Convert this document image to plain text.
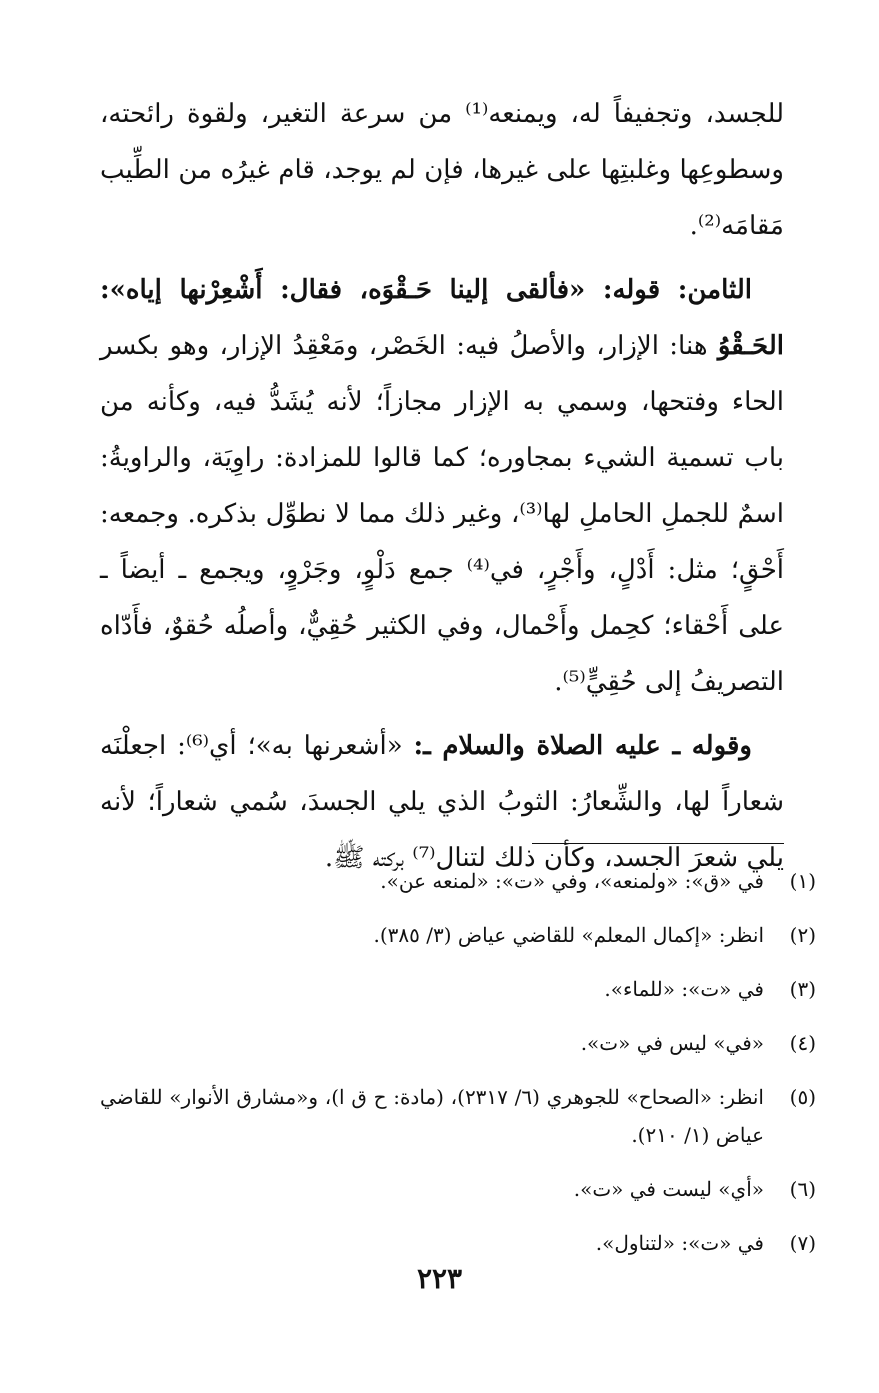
للجسد، وتجفيفاً له، ويمنعه⁽¹⁾ من سرعة التغير، ولقوة رائحته، وسطوعِها وغلبتِها على غيرها، فإن لم يوجد، قام غيرُه من الطِّيب مَقامَه⁽²⁾.

الثامن: قوله: «فألقى إلينا حَـقْوَه، فقال: أَشْعِرْنها إياه»: الحَـقْوُ هنا: الإزار، والأصلُ فيه: الخَصْر، ومَعْقِدُ الإزار، وهو بكسر الحاء وفتحها، وسمي به الإزار مجازاً؛ لأنه يُشَدُّ فيه، وكأنه من باب تسمية الشيء بمجاوره؛ كما قالوا للمزادة: راوِيَة، والراويةُ: اسمٌ للجملِ الحاملِ لها⁽³⁾، وغير ذلك مما لا نطوِّل بذكره. وجمعه: أَحْقٍ؛ مثل: أَدْلٍ، وأَجْرٍ، في⁽⁴⁾ جمع دَلْوٍ، وجَرْوٍ، ويجمع ـ أيضاً ـ على أَحْقاء؛ كحِمل وأَحْمال، وفي الكثير حُقِيٌّ، وأصلُه حُقوٌ، فأَدّاه التصريفُ إلى حُقِيٍّ⁽⁵⁾.

وقوله ـ عليه الصلاة والسلام ـ: «أشعرنها به»؛ أي⁽⁶⁾: اجعلْنَه شعاراً لها، والشِّعارُ: الثوبُ الذي يلي الجسدَ، سُمي شعاراً؛ لأنه يلي شعرَ الجسد، وكأن ذلك لتنال⁽⁷⁾ بركته ﷺ.

(١)
في «ق»: «ولمنعه»، وفي «ت»: «لمنعه عن».
(٢)
انظر: «إكمال المعلم» للقاضي عياض (٣/ ٣٨٥).
(٣)
في «ت»: «للماء».
(٤)
«في» ليس في «ت».
(٥)
انظر: «الصحاح» للجوهري (٦/ ٢٣١٧)، (مادة: ح ق ا)، و«مشارق الأنوار» للقاضي عياض (١/ ٢١٠).
(٦)
«أي» ليست في «ت».
(٧)
في «ت»: «لتناول».
٢٢٣
